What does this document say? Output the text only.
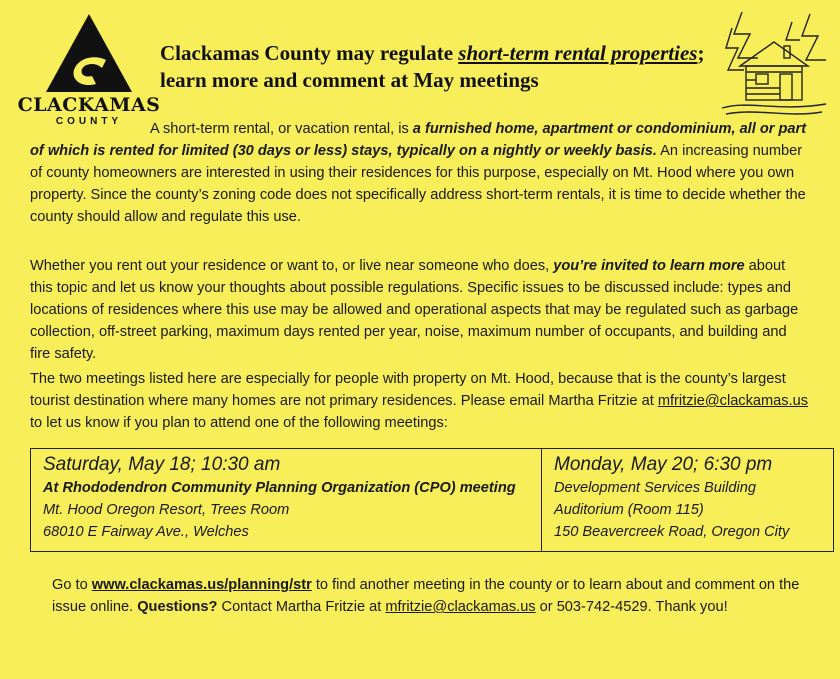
CLACKAMAS
COUNTY
Clackamas County may regulate short-term rental properties;
learn more and comment at May meetings
A short-term rental, or vacation rental, is a furnished home, apartment or condominium, all or part of which is rented for limited (30 days or less) stays, typically on a nightly or weekly basis. An increasing number of county homeowners are interested in using their residences for this purpose, especially on Mt. Hood where you own property. Since the county’s zoning code does not specifically address short-term rentals, it is time to decide whether the county should allow and regulate this use.
Whether you rent out your residence or want to, or live near someone who does, you’re invited to learn more about this topic and let us know your thoughts about possible regulations. Specific issues to be discussed include: types and locations of residences where this use may be allowed and operational aspects that may be regulated such as garbage collection, off-street parking, maximum days rented per year, noise, maximum number of occupants, and building and fire safety.
The two meetings listed here are especially for people with property on Mt. Hood, because that is the county’s largest tourist destination where many homes are not primary residences. Please email Martha Fritzie at mfritzie@clackamas.us to let us know if you plan to attend one of the following meetings:
Saturday, May 18; 10:30 am
At Rhododendron Community Planning Organization (CPO) meeting
Mt. Hood Oregon Resort, Trees Room
68010 E Fairway Ave., Welches
Monday, May 20; 6:30 pm
Development Services Building
Auditorium (Room 115)
150 Beavercreek Road, Oregon City
Go to www.clackamas.us/planning/str to find another meeting in the county or to learn about and comment on the issue online. Questions? Contact Martha Fritzie at mfritzie@clackamas.us or 503-742-4529. Thank you!
